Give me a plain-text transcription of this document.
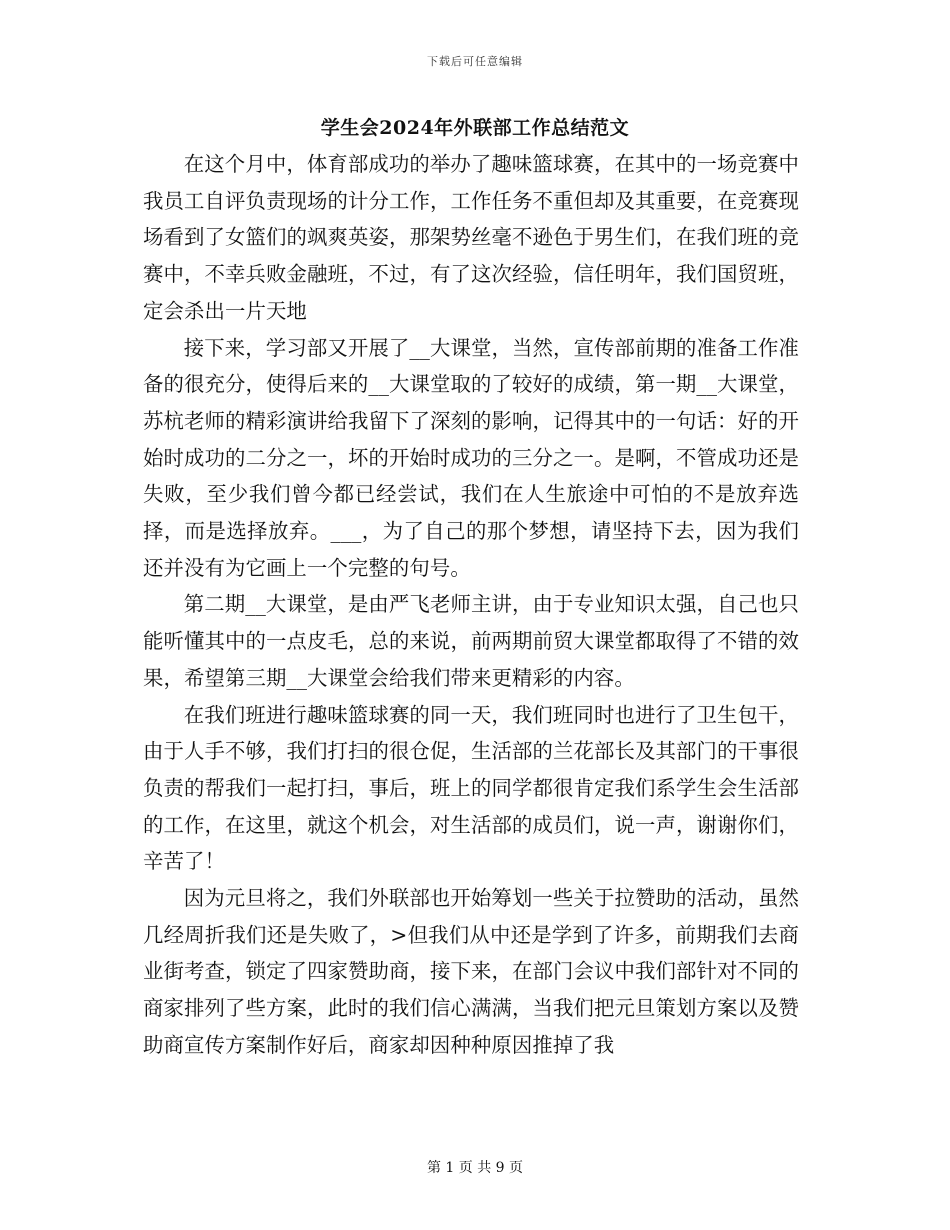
下载后可任意编辑
学生会2024年外联部工作总结范文

在这个月中，体育部成功的举办了趣味篮球赛，在其中的一场竞赛中我员工自评负责现场的计分工作，工作任务不重但却及其重要，在竞赛现场看到了女篮们的飒爽英姿，那架势丝毫不逊色于男生们，在我们班的竞赛中，不幸兵败金融班，不过，有了这次经验，信任明年，我们国贸班，定会杀出一片天地

接下来，学习部又开展了__大课堂，当然，宣传部前期的准备工作准备的很充分，使得后来的__大课堂取的了较好的成绩，第一期__大课堂，苏杭老师的精彩演讲给我留下了深刻的影响，记得其中的一句话：好的开始时成功的二分之一，坏的开始时成功的三分之一。是啊，不管成功还是失败，至少我们曾今都已经尝试，我们在人生旅途中可怕的不是放弃选择，而是选择放弃。___，为了自己的那个梦想，请坚持下去，因为我们还并没有为它画上一个完整的句号。

第二期__大课堂，是由严飞老师主讲，由于专业知识太强，自己也只能听懂其中的一点皮毛，总的来说，前两期前贸大课堂都取得了不错的效果，希望第三期__大课堂会给我们带来更精彩的内容。

在我们班进行趣味篮球赛的同一天，我们班同时也进行了卫生包干，由于人手不够，我们打扫的很仓促，生活部的兰花部长及其部门的干事很负责的帮我们一起打扫，事后，班上的同学都很肯定我们系学生会生活部的工作，在这里，就这个机会，对生活部的成员们，说一声，谢谢你们，辛苦了！

因为元旦将之，我们外联部也开始筹划一些关于拉赞助的活动，虽然几经周折我们还是失败了，>但我们从中还是学到了许多，前期我们去商业街考查，锁定了四家赞助商，接下来，在部门会议中我们部针对不同的商家排列了些方案，此时的我们信心满满，当我们把元旦策划方案以及赞助商宣传方案制作好后，商家却因种种原因推掉了我

第 1 页 共 9 页
